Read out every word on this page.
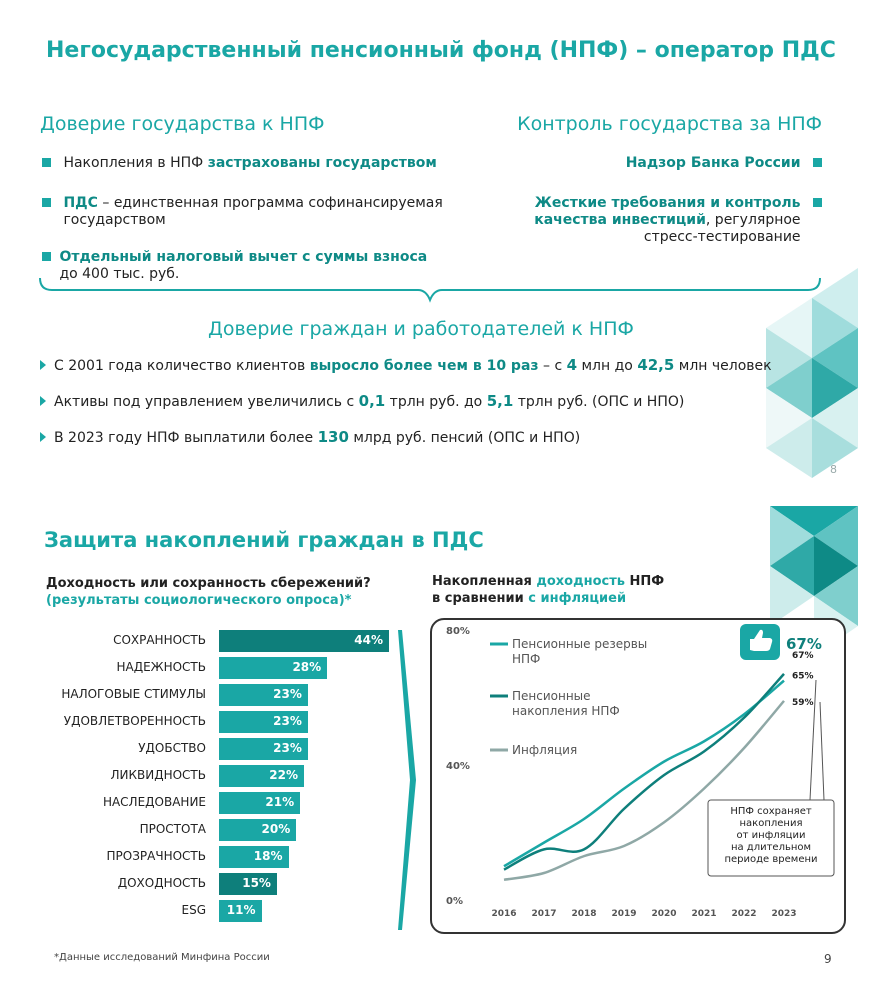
Негосударственный пенсионный фонд (НПФ) – оператор ПДС
Доверие государства к НПФ	Контроль государства за НПФ
Накопления в НПФ застрахованы государством
ПДС – единственная программа софинансируемая государством
Отдельный налоговый вычет с суммы взноса
до 400 тыс. руб.
Надзор Банка России
Жесткие требования и контроль качества инвестиций, регулярное стресс-тестирование
Доверие граждан и работодателей к НПФ
С 2001 года количество клиентов выросло более чем в 10 раз – с 4 млн до 42,5 млн человек
Активы под управлением увеличились с 0,1 трлн руб. до 5,1 трлн руб. (ОПС и НПО)
В 2023 году НПФ выплатили более 130 млрд руб. пенсий (ОПС и НПО)
8
Защита накоплений граждан в ПДС
Доходность или сохранность сбережений?
(результаты социологического опроса)*
СОХРАННОСТЬ	44%
НАДЕЖНОСТЬ	28%
НАЛОГОВЫЕ СТИМУЛЫ	23%
УДОВЛЕТВОРЕННОСТЬ	23%
УДОБСТВО	23%
ЛИКВИДНОСТЬ	22%
НАСЛЕДОВАНИЕ	21%
ПРОСТОТА	20%
ПРОЗРАЧНОСТЬ	18%
ДОХОДНОСТЬ	15%
ESG 11%
Накопленная доходность НПФ
в сравнении с инфляцией
80%
40%
0%
2016 2017 2018 2019 2020 2021 2022 2023
65%
67%
59%
Пенсионные резервы НПФ
Пенсионные накопления НПФ
Инфляция
67%
НПФ сохраняет накопления от инфляции на длительном периоде времени
*Данные исследований Минфина России	9
